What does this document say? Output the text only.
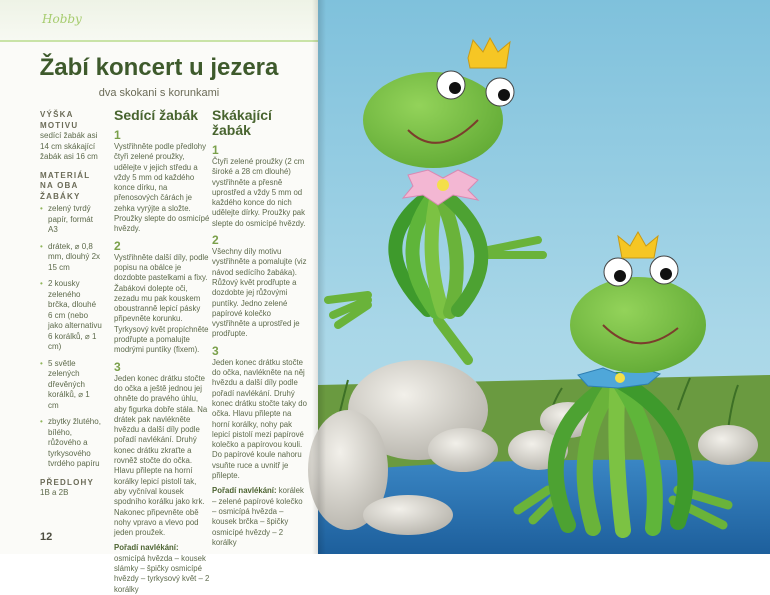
Hobby
Žabí koncert u jezera
dva skokani s korunkami
VÝŠKA MOTIVU
sedící žabák asi 14 cm skákající žabák asi 16 cm
MATERIÁL NA OBA ŽABÁKY
• zelený tvrdý papír, formát A3
• drátek, ⌀ 0,8 mm, dlouhý 2x 15 cm
• 2 kousky zeleného brčka, dlouhé 6 cm (nebo jako alternativu 6 korálků, ⌀ 1 cm)
• 5 světle zelených dřevěných korálků, ⌀ 1 cm
• zbytky žlutého, bílého, růžového a tyrkysového tvrdého papíru
PŘEDLOHY
1B a 2B
Sedící žabák
1
Vystřihněte podle předlohy čtyři zelené proužky, udělejte v jejich středu a vždy 5 mm od každého konce dírku, na přenosových čárách je zehka vyrýjte a složte. Proužky slepte do osmicípé hvězdy.
2
Vystřihněte další díly, podle popisu na obálce je dozdobte pastelkami a fixy. Žabákovi dolepte oči, zezadu mu pak kouskem oboustranně lepicí pásky připevněte korunku. Tyrkysový květ propíchněte prodřupte a pomalujte modrými puntíky (fixem).
3
Jeden konec drátku stočte do očka a ještě jednou jej ohněte do pravého úhlu, aby figurka dobře stála. Na drátek pak navlékněte hvězdu a další díly podle pořadí navlékání. Druhý konec drátku zkraťte a rovněž stočte do očka. Hlavu přilepte na horní korálky lepicí pistolí tak, aby vyčníval kousek spodního korálku jako krk. Nakonec připevněte obě nohy vpravo a vlevo pod jeden proužek.
Pořadí navlékání: osmicípá hvězda – kousek slámky – špičky osmicípé hvězdy – tyrkysový květ – 2 korálky
Skákající žabák
1
Čtyři zelené proužky (2 cm široké a 28 cm dlouhé) vystřihněte a přesně uprostřed a vždy 5 mm od každého konce do nich udělejte dírky. Proužky pak slepte do osmicípé hvězdy.
2
Všechny díly motivu vystřihněte a pomalujte (viz návod sedícího žabáka). Růžový květ prodřupte a dozdobte jej růžovými puntíky. Jedno zelené papírové kolečko vystřihněte a uprostřed je prodřupte.
3
Jeden konec drátku stočte do očka, navlékněte na něj hvězdu a další díly podle pořadí navlékání. Druhý konec drátku stočte taky do očka. Hlavu přilepte na horní korálky, nohy pak lepicí pistolí mezi papírové kolečko a papírovou kouli. Do papírové koule nahoru vsuňte ruce a uvnitř je přilepte.
Pořadí navlékání: korálek – zelené papírové kolečko – osmicípá hvězda – kousek brčka – špičky osmicípé hvězdy – 2 korálky
12
